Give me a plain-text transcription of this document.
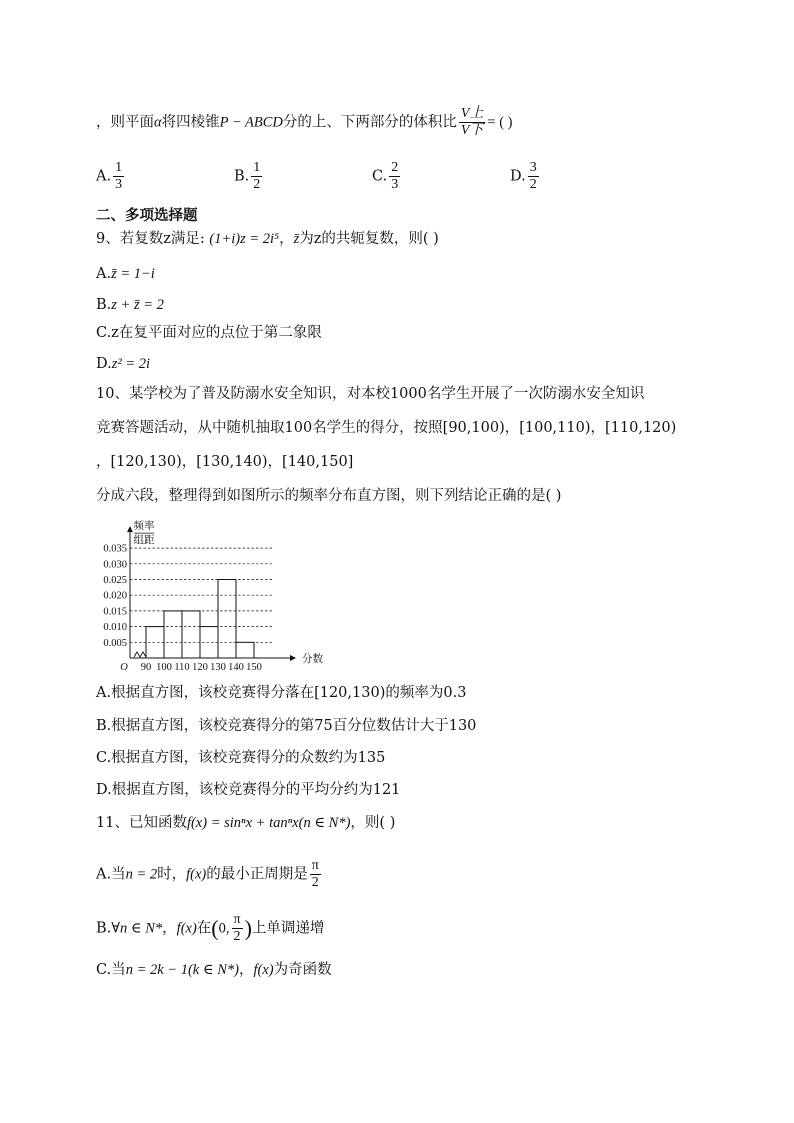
，则平面α将四棱锥P − ABCD分的上、下两部分的体积比 $\frac{\text{V上}}{\text{V下}}$ = ( )
A. $\frac{1}{3}$	B. $\frac{1}{2}$	C. $\frac{2}{3}$	D. $\frac{3}{2}$
二、多项选择题
9、若复数z满足: (1+i)z = 2i⁵，z̄为z的共轭复数，则( )
A.z̄ = 1−i
B.z + z̄ = 2
C.z在复平面对应的点位于第二象限
D.z² = 2i
10、某学校为了普及防溺水安全知识，对本校1000名学生开展了一次防溺水安全知识
竞赛答题活动，从中随机抽取100名学生的得分，按照[90,100)，[100,110)，[110,120)
，[120,130)，[130,140)，[140,150]
分成六段，整理得到如图所示的频率分布直方图，则下列结论正确的是( )
0.005
0.010
0.015
0.020
0.025
0.030
0.035
90 100 110 120 130 140 150
O
分数
频率
组距
A.根据直方图，该校竞赛得分落在[120,130)的频率为0.3
B.根据直方图，该校竞赛得分的第75百分位数估计大于130
C.根据直方图，该校竞赛得分的众数约为135
D.根据直方图，该校竞赛得分的平均分约为121
11、已知函数f(x) = sinⁿx + tanⁿx(n ∈ N*)，则( )
A.当n = 2时，f(x)的最小正周期是 $\frac{\pi}{2}$
B.∀n ∈ N*，f(x)在(0, $\frac{\pi}{2}$ )上单调递增
C.当n = 2k − 1(k ∈ N*)，f(x)为奇函数
